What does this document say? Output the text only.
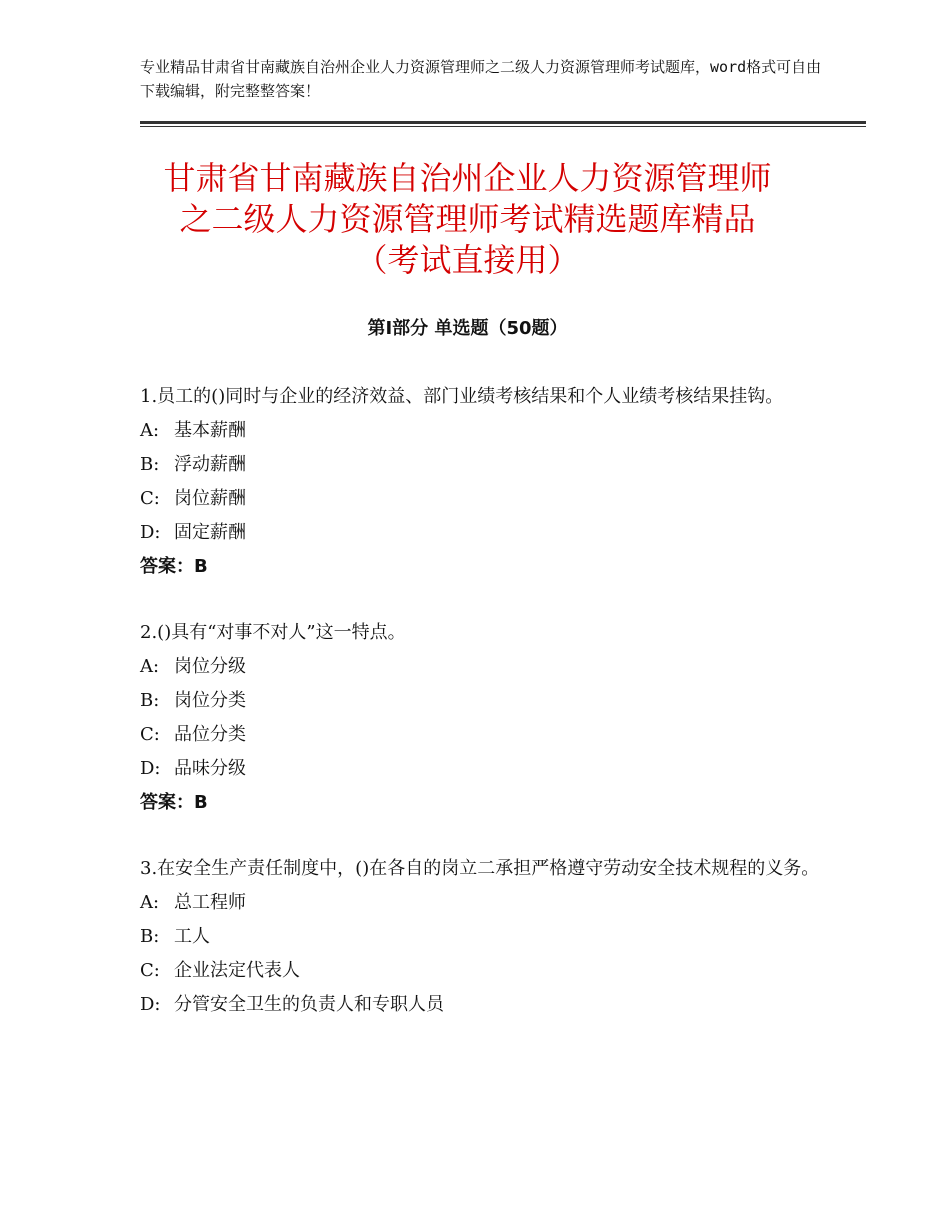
专业精品甘肃省甘南藏族自治州企业人力资源管理师之二级人力资源管理师考试题库，word格式可自由下载编辑，附完整整答案！
甘肃省甘南藏族自治州企业人力资源管理师
之二级人力资源管理师考试精选题库精品
（考试直接用）
第Ⅰ部分 单选题（50题）
1.员工的()同时与企业的经济效益、部门业绩考核结果和个人业绩考核结果挂钩。
A: 基本薪酬
B: 浮动薪酬
C: 岗位薪酬
D: 固定薪酬
答案：B
2.()具有“对事不对人”这一特点。
A: 岗位分级
B: 岗位分类
C: 品位分类
D: 品味分级
答案：B
3.在安全生产责任制度中，()在各自的岗立二承担严格遵守劳动安全技术规程的义务。
A: 总工程师
B: 工人
C: 企业法定代表人
D: 分管安全卫生的负责人和专职人员
